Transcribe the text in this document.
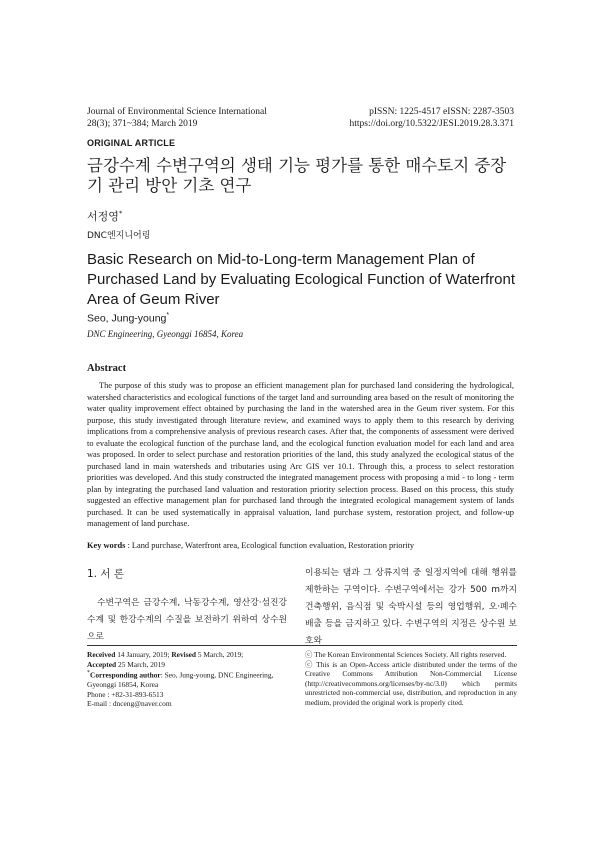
Journal of Environmental Science International
28(3); 371~384; March 2019
pISSN: 1225-4517 eISSN: 2287-3503
https://doi.org/10.5322/JESI.2019.28.3.371
ORIGINAL ARTICLE
금강수계 수변구역의 생태 기능 평가를 통한 매수토지 중장기 관리 방안 기초 연구
서정영*
DNC엔지니어링
Basic Research on Mid-to-Long-term Management Plan of Purchased Land by Evaluating Ecological Function of Waterfront Area of Geum River
Seo, Jung-young*
DNC Engineering, Gyeonggi 16854, Korea
Abstract
The purpose of this study was to propose an efficient management plan for purchased land considering the hydrological, watershed characteristics and ecological functions of the target land and surrounding area based on the result of monitoring the water quality improvement effect obtained by purchasing the land in the watershed area in the Geum river system. For this purpose, this study investigated through literature review, and examined ways to apply them to this research by deriving implications from a comprehensive analysis of previous research cases. After that, the components of assessment were derived to evaluate the ecological function of the purchase land, and the ecological function evaluation model for each land and area was proposed. In order to select purchase and restoration priorities of the land, this study analyzed the ecological status of the purchased land in main watersheds and tributaries using Arc GIS ver 10.1. Through this, a process to select restoration priorities was developed. And this study constructed the integrated management process with proposing a mid - to long - term plan by integrating the purchased land valuation and restoration priority selection process. Based on this process, this study suggested an effective management plan for purchased land through the integrated ecological management system of lands purchased. It can be used systematically in appraisal valuation, land purchase system, restoration project, and follow-up management of land purchase.
Key words : Land purchase, Waterfront area, Ecological function evaluation, Restoration priority
1. 서 론
수변구역은 금강수계, 낙동강수계, 영산강·섬진강수계 및 한강수계의 수질을 보전하기 위하여 상수원으로
이용되는 댐과 그 상류지역 중 일정지역에 대해 행위를 제한하는 구역이다. 수변구역에서는 강가 500 m까지 건축행위, 음식점 및 숙박시설 등의 영업행위, 오·폐수배출 등을 금지하고 있다. 수변구역의 지정은 상수원 보호와
Received 14 January, 2019; Revised 5 March, 2019;
Accepted 25 March, 2019
*Corresponding author: Seo, Jung-young, DNC Engineering, Gyeonggi 16854, Korea
Phone : +82-31-893-6513
E-mail : dnceng@naver.com
ⓒ The Korean Environmental Sciences Society. All rights reserved.
ⓒ This is an Open-Access article distributed under the terms of the Creative Commons Attribution Non-Commercial License (http://creativecommons.org/licenses/by-nc/3.0) which permits unrestricted non-commercial use, distribution, and reproduction in any medium, provided the original work is properly cited.
